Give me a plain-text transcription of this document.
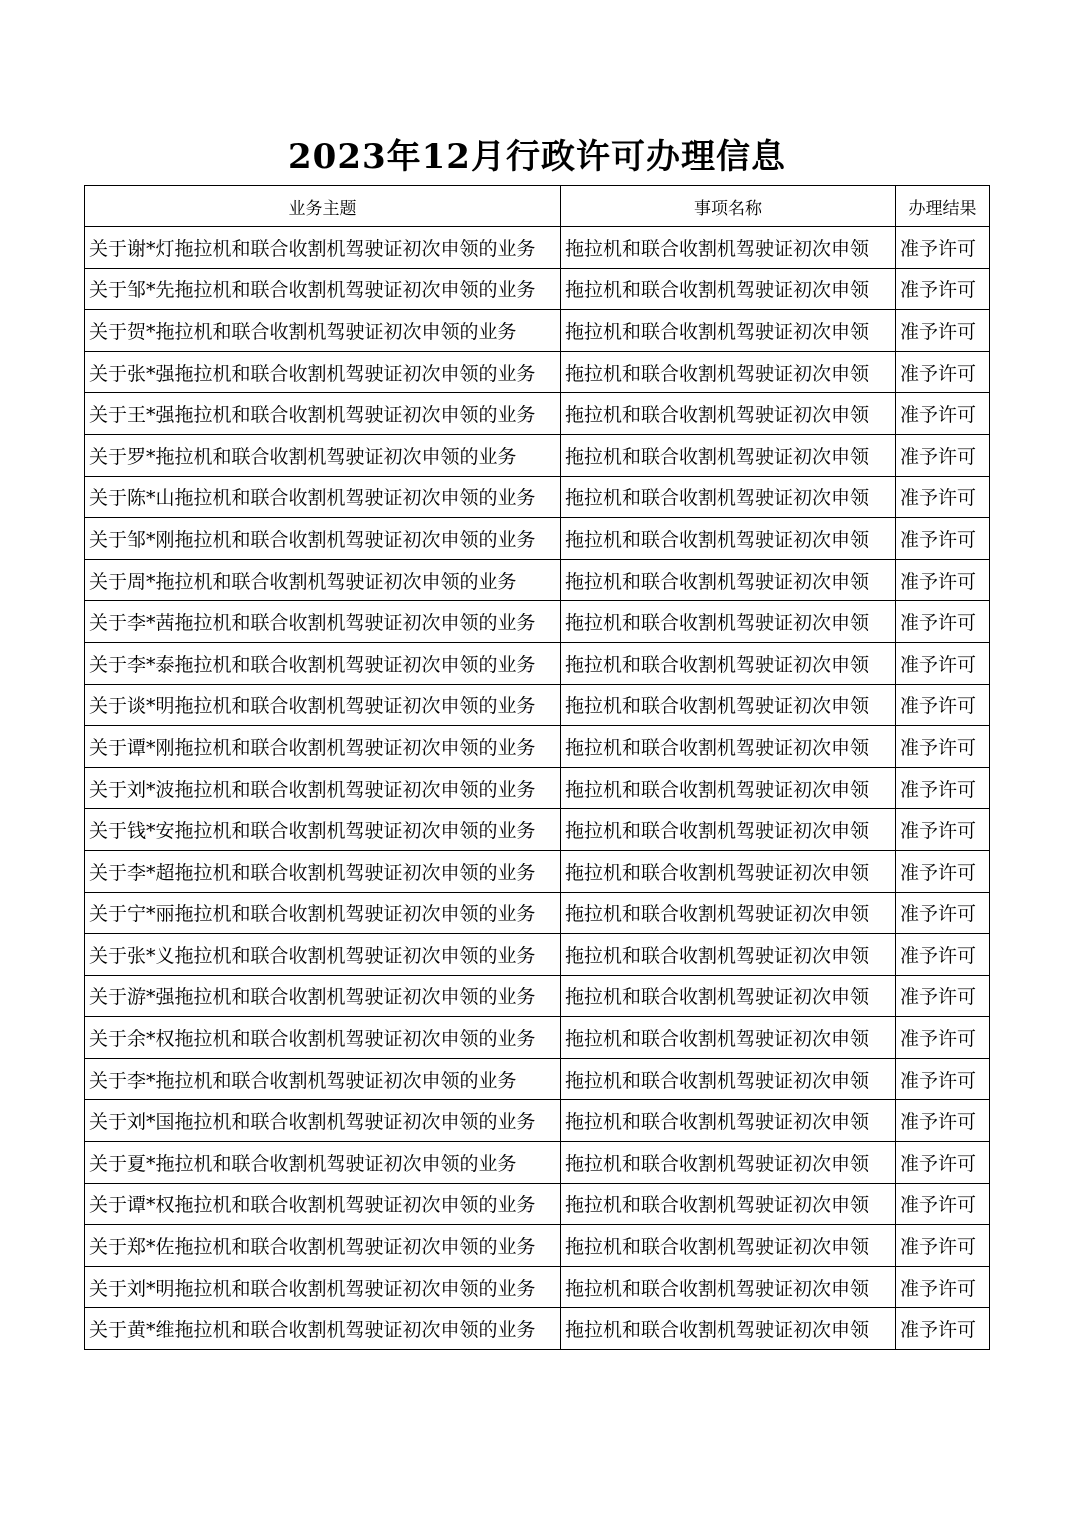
2023年12月行政许可办理信息
业务主题	事项名称	办理结果
关于谢*灯拖拉机和联合收割机驾驶证初次申领的业务	拖拉机和联合收割机驾驶证初次申领	准予许可
关于邹*先拖拉机和联合收割机驾驶证初次申领的业务	拖拉机和联合收割机驾驶证初次申领	准予许可
关于贺*拖拉机和联合收割机驾驶证初次申领的业务	拖拉机和联合收割机驾驶证初次申领	准予许可
关于张*强拖拉机和联合收割机驾驶证初次申领的业务	拖拉机和联合收割机驾驶证初次申领	准予许可
关于王*强拖拉机和联合收割机驾驶证初次申领的业务	拖拉机和联合收割机驾驶证初次申领	准予许可
关于罗*拖拉机和联合收割机驾驶证初次申领的业务	拖拉机和联合收割机驾驶证初次申领	准予许可
关于陈*山拖拉机和联合收割机驾驶证初次申领的业务	拖拉机和联合收割机驾驶证初次申领	准予许可
关于邹*刚拖拉机和联合收割机驾驶证初次申领的业务	拖拉机和联合收割机驾驶证初次申领	准予许可
关于周*拖拉机和联合收割机驾驶证初次申领的业务	拖拉机和联合收割机驾驶证初次申领	准予许可
关于李*茜拖拉机和联合收割机驾驶证初次申领的业务	拖拉机和联合收割机驾驶证初次申领	准予许可
关于李*泰拖拉机和联合收割机驾驶证初次申领的业务	拖拉机和联合收割机驾驶证初次申领	准予许可
关于谈*明拖拉机和联合收割机驾驶证初次申领的业务	拖拉机和联合收割机驾驶证初次申领	准予许可
关于谭*刚拖拉机和联合收割机驾驶证初次申领的业务	拖拉机和联合收割机驾驶证初次申领	准予许可
关于刘*波拖拉机和联合收割机驾驶证初次申领的业务	拖拉机和联合收割机驾驶证初次申领	准予许可
关于钱*安拖拉机和联合收割机驾驶证初次申领的业务	拖拉机和联合收割机驾驶证初次申领	准予许可
关于李*超拖拉机和联合收割机驾驶证初次申领的业务	拖拉机和联合收割机驾驶证初次申领	准予许可
关于宁*丽拖拉机和联合收割机驾驶证初次申领的业务	拖拉机和联合收割机驾驶证初次申领	准予许可
关于张*义拖拉机和联合收割机驾驶证初次申领的业务	拖拉机和联合收割机驾驶证初次申领	准予许可
关于游*强拖拉机和联合收割机驾驶证初次申领的业务	拖拉机和联合收割机驾驶证初次申领	准予许可
关于余*权拖拉机和联合收割机驾驶证初次申领的业务	拖拉机和联合收割机驾驶证初次申领	准予许可
关于李*拖拉机和联合收割机驾驶证初次申领的业务	拖拉机和联合收割机驾驶证初次申领	准予许可
关于刘*国拖拉机和联合收割机驾驶证初次申领的业务	拖拉机和联合收割机驾驶证初次申领	准予许可
关于夏*拖拉机和联合收割机驾驶证初次申领的业务	拖拉机和联合收割机驾驶证初次申领	准予许可
关于谭*权拖拉机和联合收割机驾驶证初次申领的业务	拖拉机和联合收割机驾驶证初次申领	准予许可
关于郑*佐拖拉机和联合收割机驾驶证初次申领的业务	拖拉机和联合收割机驾驶证初次申领	准予许可
关于刘*明拖拉机和联合收割机驾驶证初次申领的业务	拖拉机和联合收割机驾驶证初次申领	准予许可
关于黄*维拖拉机和联合收割机驾驶证初次申领的业务	拖拉机和联合收割机驾驶证初次申领	准予许可
